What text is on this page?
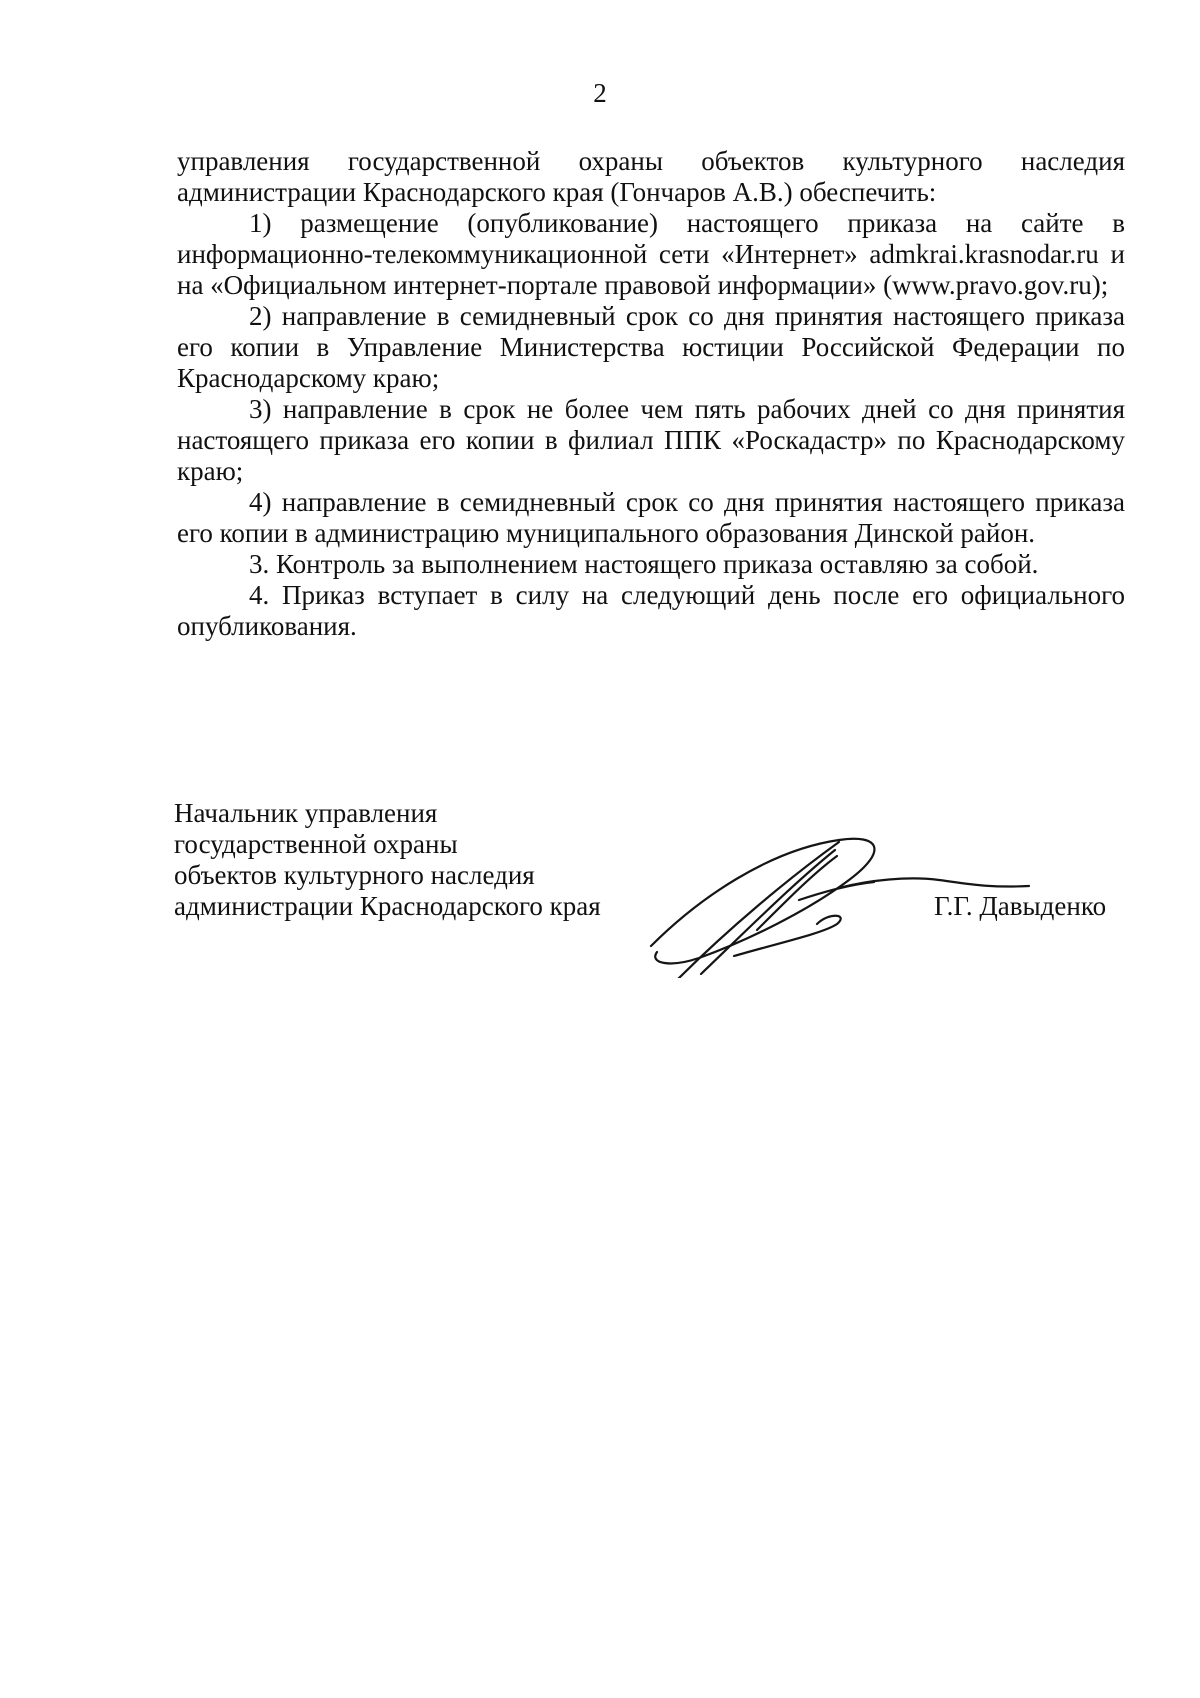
2

управления государственной охраны объектов культурного наследия администрации Краснодарского края (Гончаров А.В.) обеспечить:

1) размещение (опубликование) настоящего приказа на сайте в информационно-телекоммуникационной сети «Интернет» admkrai.krasnodar.ru и на «Официальном интернет-портале правовой информации» (www.pravo.gov.ru);

2) направление в семидневный срок со дня принятия настоящего приказа его копии в Управление Министерства юстиции Российской Федерации по Краснодарскому краю;

3) направление в срок не более чем пять рабочих дней со дня принятия настоящего приказа его копии в филиал ППК «Роскадастр» по Краснодарскому краю;

4) направление в семидневный срок со дня принятия настоящего приказа его копии в администрацию муниципального образования Динской район.

3. Контроль за выполнением настоящего приказа оставляю за собой.

4. Приказ вступает в силу на следующий день после его официального опубликования.

Начальник управления
государственной охраны
объектов культурного наследия
администрации Краснодарского края	Г.Г. Давыденко
